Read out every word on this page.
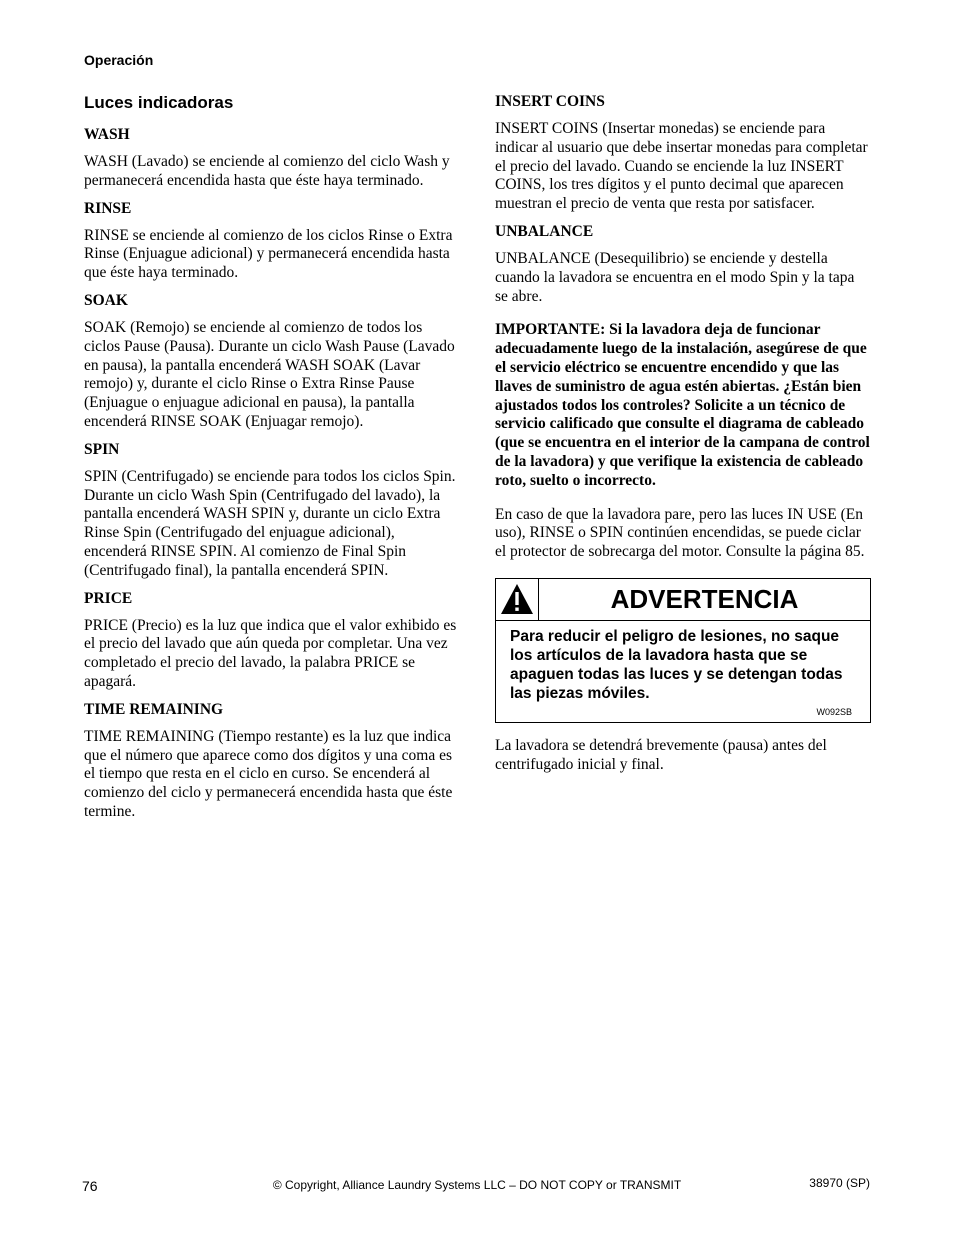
Operación
Luces indicadoras
WASH

WASH (Lavado) se enciende al comienzo del ciclo Wash y permanecerá encendida hasta que éste haya terminado.

RINSE

RINSE se enciende al comienzo de los ciclos Rinse o Extra Rinse (Enjuague adicional) y permanecerá encendida hasta que éste haya terminado.

SOAK

SOAK (Remojo) se enciende al comienzo de todos los ciclos Pause (Pausa). Durante un ciclo Wash Pause (Lavado en pausa), la pantalla encenderá WASH SOAK (Lavar remojo) y, durante el ciclo Rinse o Extra Rinse Pause (Enjuague o enjuague adicional en pausa), la pantalla encenderá RINSE SOAK (Enjuagar remojo).

SPIN

SPIN (Centrifugado) se enciende para todos los ciclos Spin. Durante un ciclo Wash Spin (Centrifugado del lavado), la pantalla encenderá WASH SPIN y, durante un ciclo Extra Rinse Spin (Centrifugado del enjuague adicional), encenderá RINSE SPIN. Al comienzo de Final Spin (Centrifugado final), la pantalla encenderá SPIN.

PRICE

PRICE (Precio) es la luz que indica que el valor exhibido es el precio del lavado que aún queda por completar. Una vez completado el precio del lavado, la palabra PRICE se apagará.

TIME REMAINING

TIME REMAINING (Tiempo restante) es la luz que indica que el número que aparece como dos dígitos y una coma es el tiempo que resta en el ciclo en curso. Se encenderá al comienzo del ciclo y permanecerá encendida hasta que éste termine.

INSERT COINS

INSERT COINS (Insertar monedas) se enciende para indicar al usuario que debe insertar monedas para completar el precio del lavado. Cuando se enciende la luz INSERT COINS, los tres dígitos y el punto decimal que aparecen muestran el precio de venta que resta por satisfacer.

UNBALANCE

UNBALANCE (Desequilibrio) se enciende y destella cuando la lavadora se encuentra en el modo Spin y la tapa se abre.

IMPORTANTE: Si la lavadora deja de funcionar adecuadamente luego de la instalación, asegúrese de que el servicio eléctrico se encuentre encendido y que las llaves de suministro de agua estén abiertas. ¿Están bien ajustados todos los controles? Solicite a un técnico de servicio calificado que consulte el diagrama de cableado (que se encuentra en el interior de la campana de control de la lavadora) y que verifique la existencia de cableado roto, suelto o incorrecto.

En caso de que la lavadora pare, pero las luces IN USE (En uso), RINSE o SPIN continúen encendidas, se puede ciclar el protector de sobrecarga del motor. Consulte la página 85.

ADVERTENCIA
Para reducir el peligro de lesiones, no saque los artículos de la lavadora hasta que se apaguen todas las luces y se detengan todas las piezas móviles.
W092SB

La lavadora se detendrá brevemente (pausa) antes del centrifugado inicial y final.

76	© Copyright, Alliance Laundry Systems LLC – DO NOT COPY or TRANSMIT	38970 (SP)
